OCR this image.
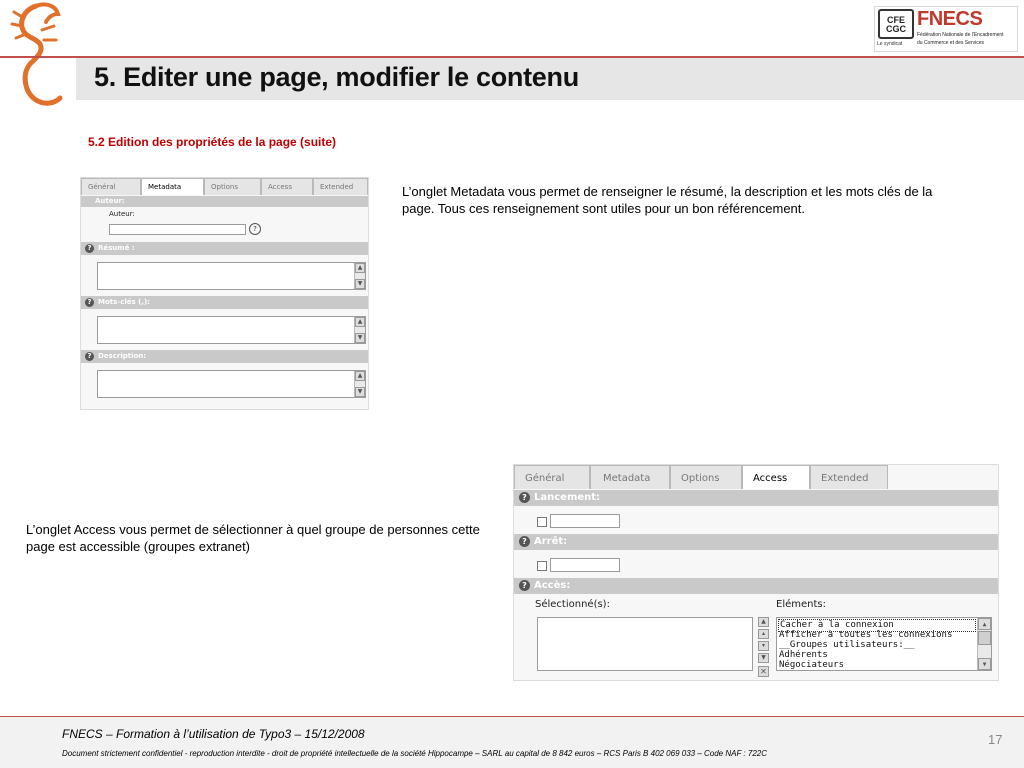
CFE CGC
Le syndicat
FNECS
Fédération Nationale de l'Encadrement
du Commerce et des Services
5. Editer une page, modifier le contenu
5.2 Edition des propriétés de la page (suite)
Général	Metadata	Options	Access	Extended
Auteur:
Auteur:
?
? Résumé :
▲
▼
? Mots-clés (,):
▲
▼
? Description:
▲
▼
L’onglet Metadata vous permet de renseigner le résumé, la description et les mots clés de la page. Tous ces renseignement sont utiles pour un bon référencement.
Général	Metadata	Options	Access	Extended
? Lancement:
? Arrêt:
? Accès:
Sélectionné(s):	Eléments:
▲
▴
▾
▼
✕
Cacher à la connexion
Afficher à toutes les connexions
__Groupes utilisateurs:__
Adhérents
Négociateurs
▲
▼
L’onglet Access vous permet de sélectionner à quel groupe de personnes cette page est accessible (groupes extranet)
FNECS – Formation à l’utilisation de Typo3 – 15/12/2008
Document strictement confidentiel - reproduction interdite - droit de propriété intellectuelle de la société Hippocampe – SARL au capital de 8 842 euros – RCS Paris B 402 069 033 – Code NAF : 722C
17
